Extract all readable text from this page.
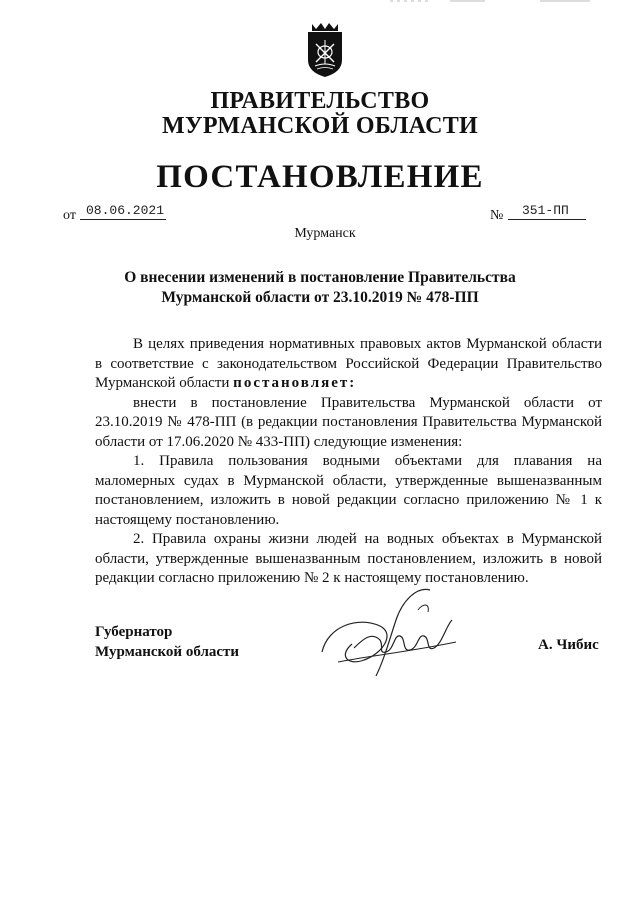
ПРАВИТЕЛЬСТВО
МУРМАНСКОЙ ОБЛАСТИ
ПОСТАНОВЛЕНИЕ
от 08.06.2021	№ 351-ПП
Мурманск
О внесении изменений в постановление Правительства
Мурманской области от 23.10.2019 № 478-ПП

В целях приведения нормативных правовых актов Мурманской области в соответствие с законодательством Российской Федерации Правительство Мурманской области постановляет:

внести в постановление Правительства Мурманской области от 23.10.2019 № 478-ПП (в редакции постановления Правительства Мурманской области от 17.06.2020 № 433-ПП) следующие изменения:

1. Правила пользования водными объектами для плавания на маломерных судах в Мурманской области, утвержденные вышеназванным постановлением, изложить в новой редакции согласно приложению № 1 к настоящему постановлению.

2. Правила охраны жизни людей на водных объектах в Мурманской области, утвержденные вышеназванным постановлением, изложить в новой редакции согласно приложению № 2 к настоящему постановлению.

Губернатор
Мурманской области	А. Чибис
